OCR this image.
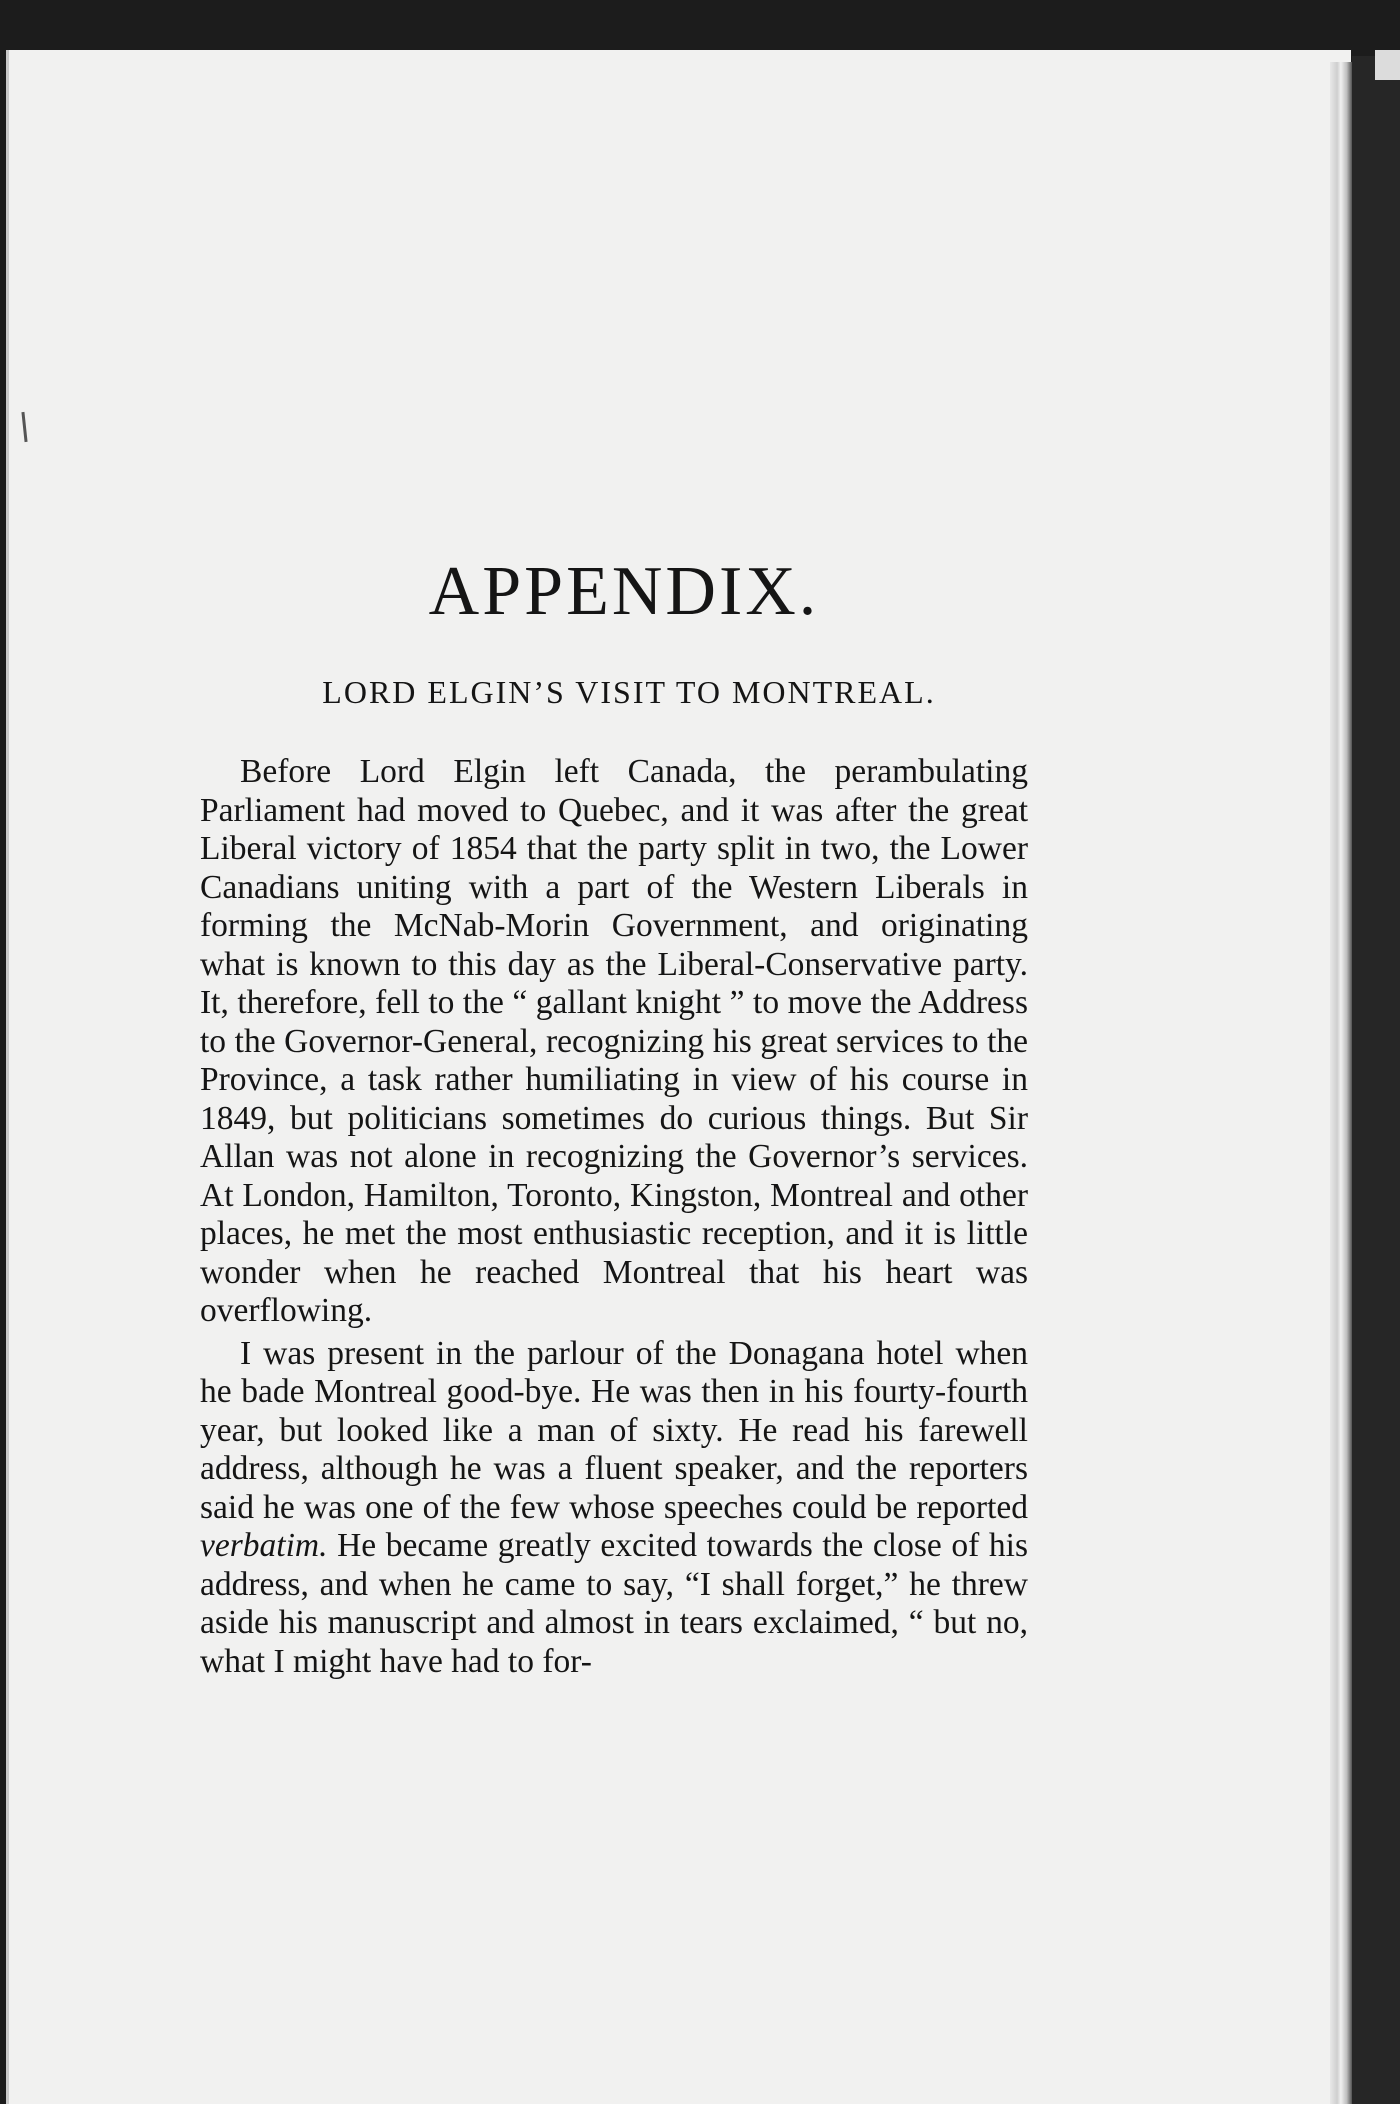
APPENDIX.
LORD ELGIN’S VISIT TO MONTREAL.

Before Lord Elgin left Canada, the perambulating Parliament had moved to Quebec, and it was after the great Liberal victory of 1854 that the party split in two, the Lower Canadians uniting with a part of the Western Liberals in forming the McNab-Morin Government, and originating what is known to this day as the Liberal-Conservative party. It, therefore, fell to the “ gallant knight ” to move the Address to the Governor-General, recognizing his great services to the Province, a task rather humiliating in view of his course in 1849, but politicians sometimes do curious things. But Sir Allan was not alone in recognizing the Governor’s services. At London, Hamilton, Toronto, Kingston, Montreal and other places, he met the most enthusiastic reception, and it is little wonder when he reached Montreal that his heart was overflowing.

I was present in the parlour of the Donagana hotel when he bade Montreal good-bye. He was then in his fourty-fourth year, but looked like a man of sixty. He read his farewell address, although he was a fluent speaker, and the reporters said he was one of the few whose speeches could be reported verbatim. He became greatly excited towards the close of his address, and when he came to say, “I shall forget,” he threw aside his manuscript and almost in tears exclaimed, “ but no, what I might have had to for-
